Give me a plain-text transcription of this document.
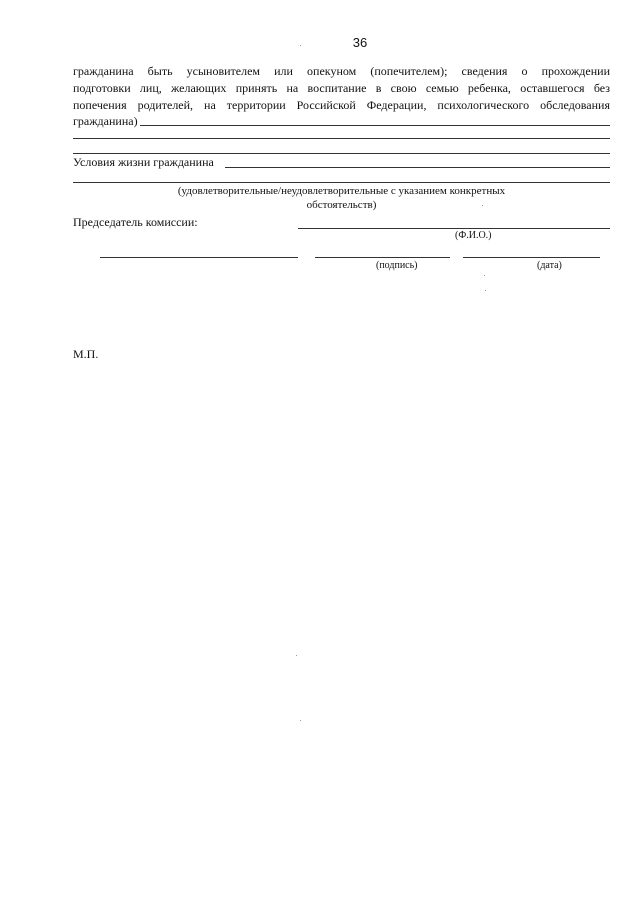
36
гражданина быть усыновителем или опекуном (попечителем); сведения о прохождении
подготовки лиц, желающих принять на воспитание в свою семью ребенка, оставшегося без
попечения родителей, на территории Российской Федерации, психологического обследования
гражданина)
Условия жизни гражданина
(удовлетворительные/неудовлетворительные с указанием конкретных
обстоятельств)
Председатель комиссии:
(Ф.И.О.)
(подпись)	(дата)
М.П.
